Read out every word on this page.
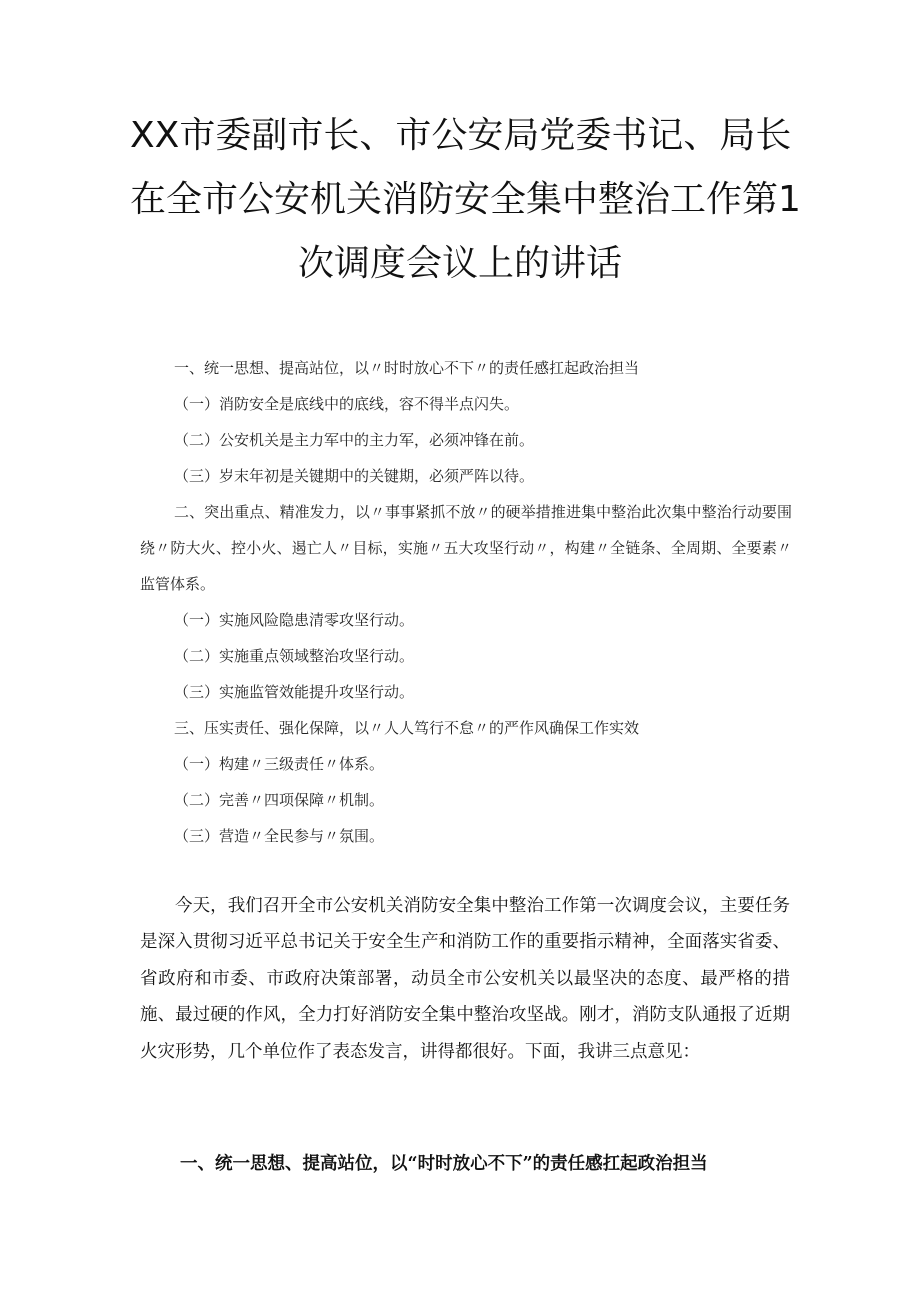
XX市委副市长、市公安局党委书记、局长
在全市公安机关消防安全集中整治工作第1
次调度会议上的讲话
一、统一思想、提高站位，以〃时时放心不下〃的责任感扛起政治担当
（一）消防安全是底线中的底线，容不得半点闪失。
（二）公安机关是主力军中的主力军，必须冲锋在前。
（三）岁末年初是关键期中的关键期，必须严阵以待。
二、突出重点、精准发力，以〃事事紧抓不放〃的硬举措推进集中整治此次集中整治行动要围绕〃防大火、控小火、遏亡人〃目标，实施〃五大攻坚行动〃，构建〃全链条、全周期、全要素〃监管体系。
（一）实施风险隐患清零攻坚行动。
（二）实施重点领域整治攻坚行动。
（三）实施监管效能提升攻坚行动。
三、压实责任、强化保障，以〃人人笃行不怠〃的严作风确保工作实效
（一）构建〃三级责任〃体系。
（二）完善〃四项保障〃机制。
（三）营造〃全民参与〃氛围。

今天，我们召开全市公安机关消防安全集中整治工作第一次调度会议，主要任务是深入贯彻习近平总书记关于安全生产和消防工作的重要指示精神，全面落实省委、省政府和市委、市政府决策部署，动员全市公安机关以最坚决的态度、最严格的措施、最过硬的作风，全力打好消防安全集中整治攻坚战。刚才，消防支队通报了近期火灾形势，几个单位作了表态发言，讲得都很好。下面，我讲三点意见：

一、统一思想、提高站位，以“时时放心不下”的责任感扛起政治担当
